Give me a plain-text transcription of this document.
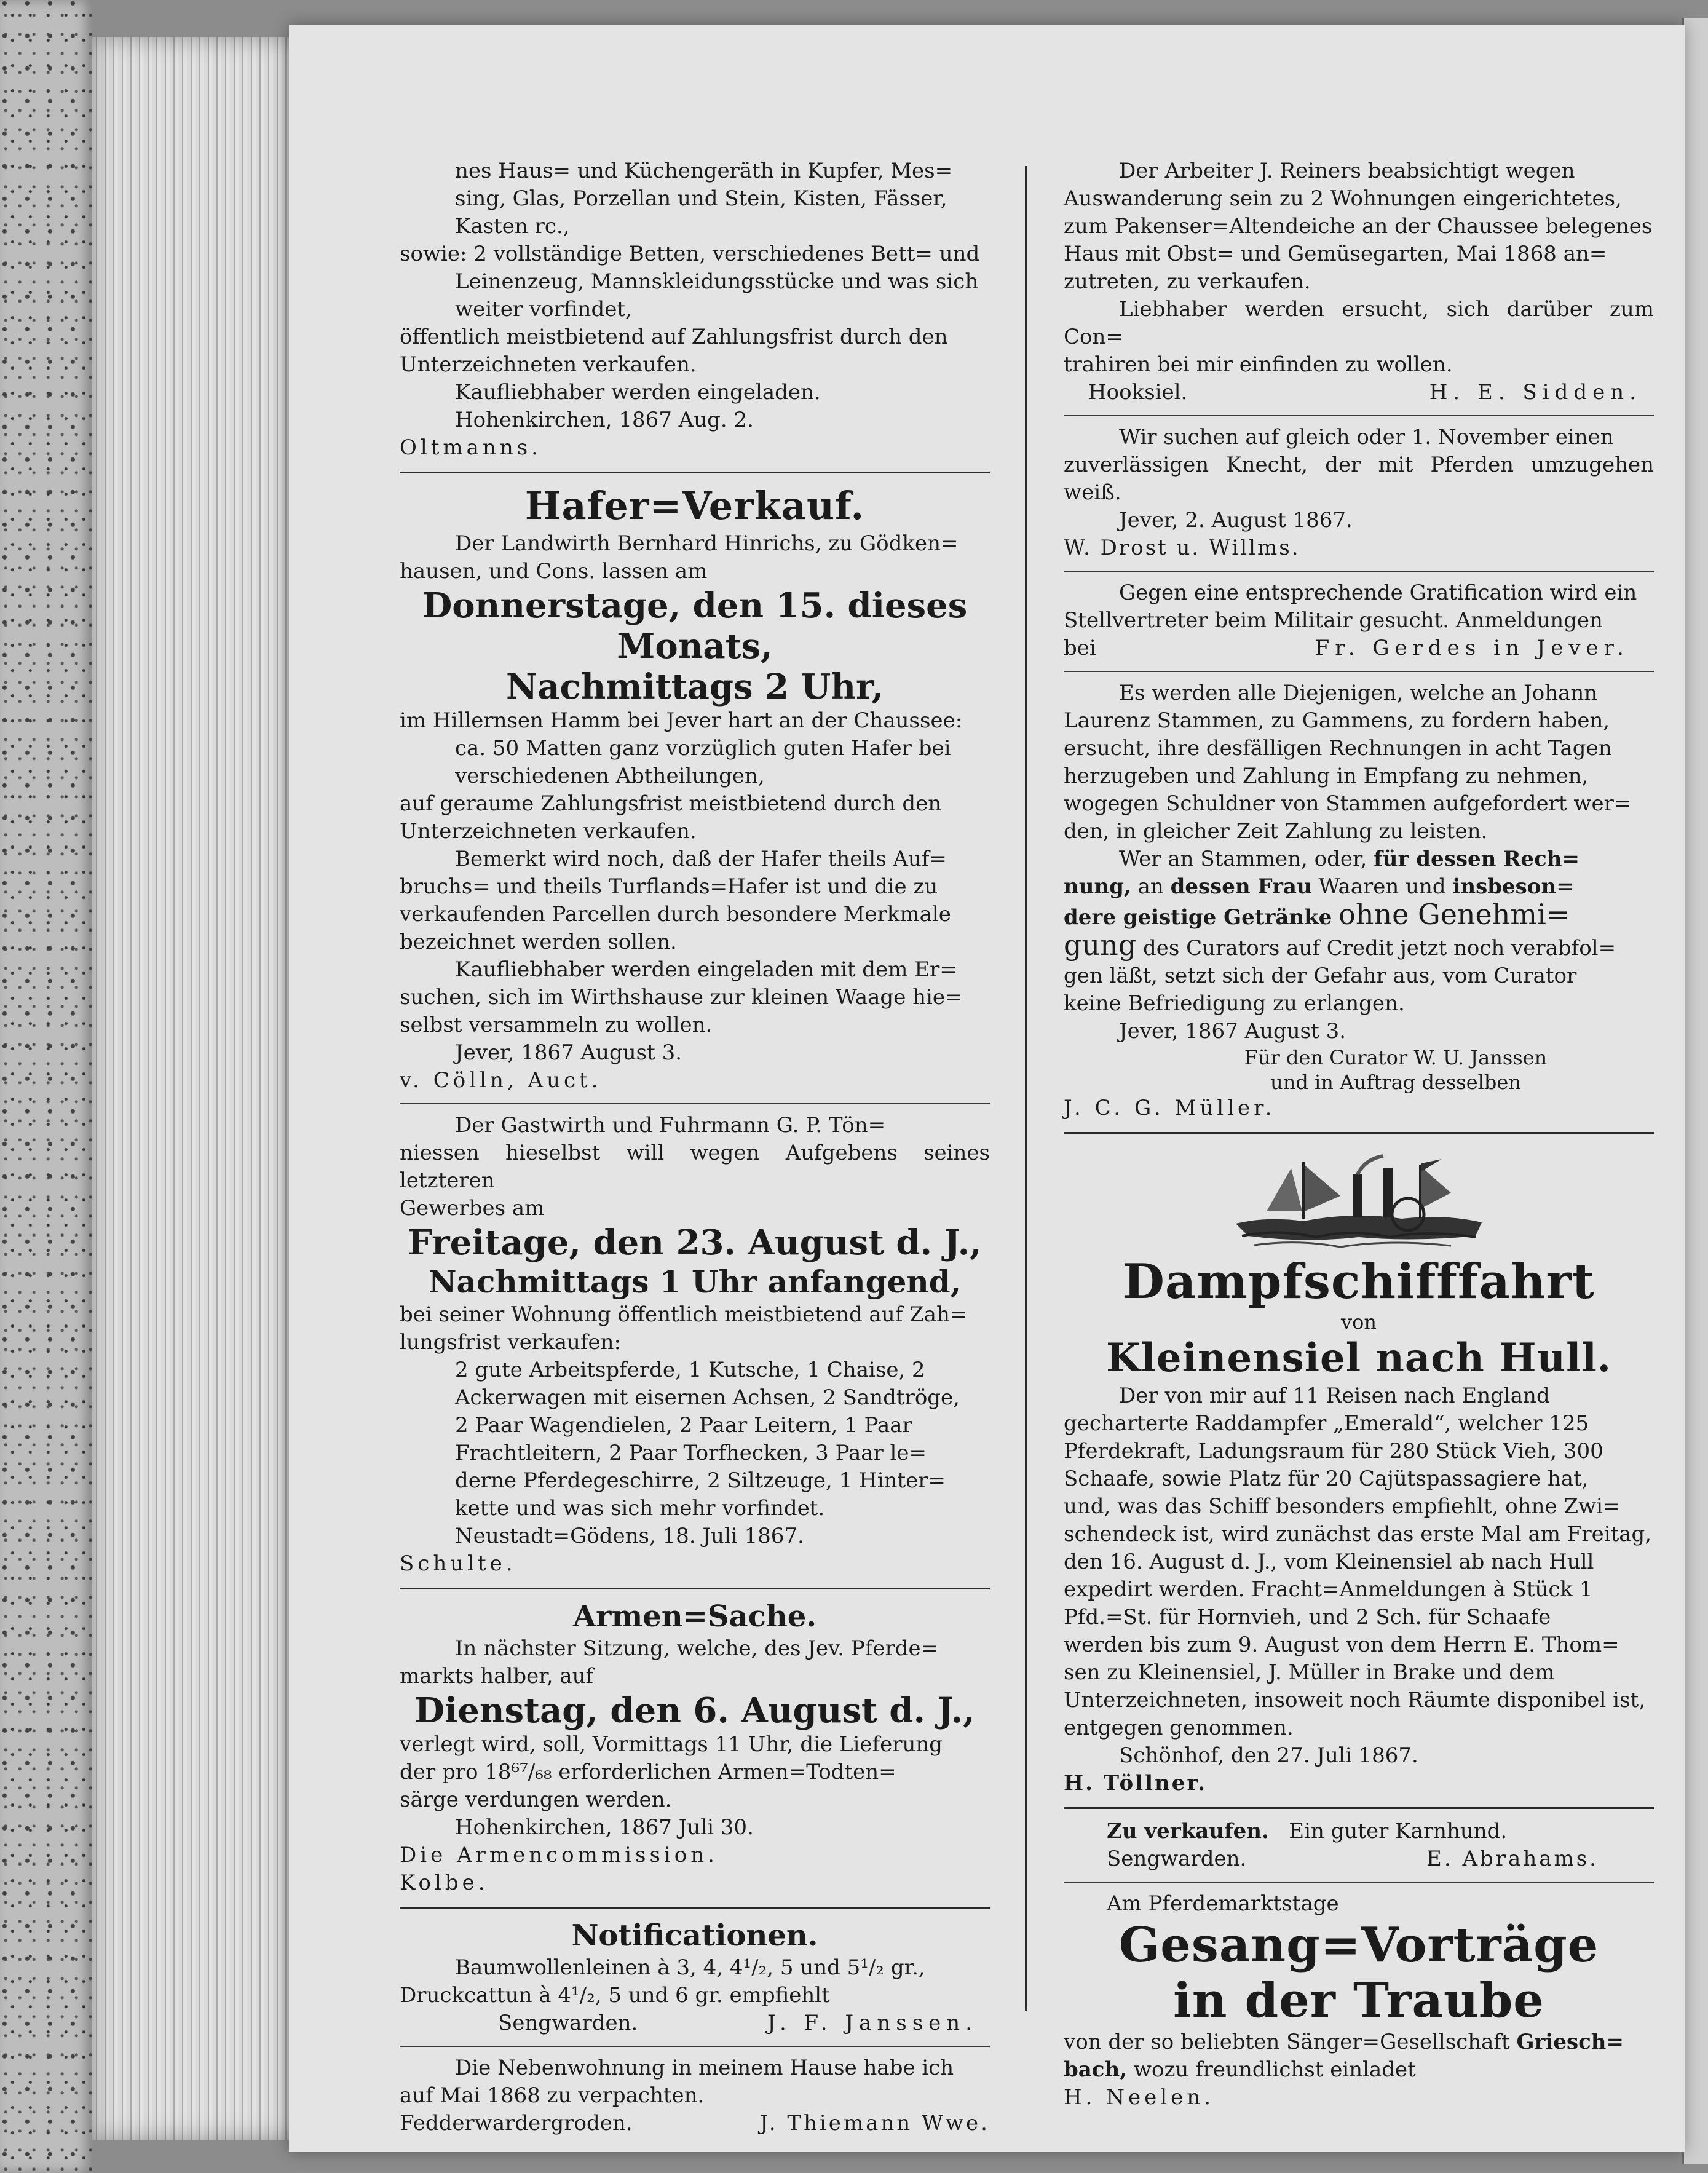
nes Haus= und Küchengeräth in Kupfer, Mes=

sing, Glas, Porzellan und Stein, Kisten, Fässer,

Kasten rc.,

sowie: 2 vollständige Betten, verschiedenes Bett= und

Leinenzeug, Mannskleidungsstücke und was sich

weiter vorfindet,

öffentlich meistbietend auf Zahlungsfrist durch den

Unterzeichneten verkaufen.

Kaufliebhaber werden eingeladen.

Hohenkirchen, 1867 Aug. 2.

Oltmanns.

Hafer=Verkauf.

Der Landwirth Bernhard Hinrichs, zu Gödken=

hausen, und Cons. lassen am

Donnerstage, den 15. dieses Monats,
Nachmittags 2 Uhr,

im Hillernsen Hamm bei Jever hart an der Chaussee:

ca. 50 Matten ganz vorzüglich guten Hafer bei

verschiedenen Abtheilungen,

auf geraume Zahlungsfrist meistbietend durch den

Unterzeichneten verkaufen.

Bemerkt wird noch, daß der Hafer theils Auf=

bruchs= und theils Turflands=Hafer ist und die zu

verkaufenden Parcellen durch besondere Merkmale

bezeichnet werden sollen.

Kaufliebhaber werden eingeladen mit dem Er=

suchen, sich im Wirthshause zur kleinen Waage hie=

selbst versammeln zu wollen.

Jever, 1867 August 3.

v. Cölln, Auct.

Der Gastwirth und Fuhrmann G. P. Tön=

niessen hieselbst will wegen Aufgebens seines letzteren

Gewerbes am

Freitage, den 23. August d. J.,
Nachmittags 1 Uhr anfangend,

bei seiner Wohnung öffentlich meistbietend auf Zah=

lungsfrist verkaufen:

2 gute Arbeitspferde, 1 Kutsche, 1 Chaise, 2

Ackerwagen mit eisernen Achsen, 2 Sandtröge,

2 Paar Wagendielen, 2 Paar Leitern, 1 Paar

Frachtleitern, 2 Paar Torfhecken, 3 Paar le=

derne Pferdegeschirre, 2 Siltzeuge, 1 Hinter=

kette und was sich mehr vorfindet.

Neustadt=Gödens, 18. Juli 1867.

Schulte.

Armen=Sache.

In nächster Sitzung, welche, des Jev. Pferde=

markts halber, auf

Dienstag, den 6. August d. J.,

verlegt wird, soll, Vormittags 11 Uhr, die Lieferung

der pro 18⁶⁷/₆₈ erforderlichen Armen=Todten=

särge verdungen werden.

Hohenkirchen, 1867 Juli 30.

Die Armencommission.

Kolbe.

Notificationen.

Baumwollenleinen à 3, 4, 4¹/₂, 5 und 5¹/₂ gr.,

Druckcattun à 4¹/₂, 5 und 6 gr. empfiehlt

Sengwarden.	J. F. Janssen.

Die Nebenwohnung in meinem Hause habe ich

auf Mai 1868 zu verpachten.

Fedderwardergroden.	J. Thiemann Wwe.

Der Arbeiter J. Reiners beabsichtigt wegen

Auswanderung sein zu 2 Wohnungen eingerichtetes,

zum Pakenser=Altendeiche an der Chaussee belegenes

Haus mit Obst= und Gemüsegarten, Mai 1868 an=

zutreten, zu verkaufen.

Liebhaber werden ersucht, sich darüber zum Con=

trahiren bei mir einfinden zu wollen.

Hooksiel.	H. E. Sidden.

Wir suchen auf gleich oder 1. November einen

zuverlässigen Knecht, der mit Pferden umzugehen weiß.

Jever, 2. August 1867.

W. Drost u. Willms.

Gegen eine entsprechende Gratification wird ein

Stellvertreter beim Militair gesucht. Anmeldungen

bei	Fr. Gerdes in Jever.

Es werden alle Diejenigen, welche an Johann

Laurenz Stammen, zu Gammens, zu fordern haben,

ersucht, ihre desfälligen Rechnungen in acht Tagen

herzugeben und Zahlung in Empfang zu nehmen,

wogegen Schuldner von Stammen aufgefordert wer=

den, in gleicher Zeit Zahlung zu leisten.

Wer an Stammen, oder, für dessen Rech=

nung, an dessen Frau Waaren und insbeson=

dere geistige Getränke ohne Genehmi=

gung des Curators auf Credit jetzt noch verabfol=

gen läßt, setzt sich der Gefahr aus, vom Curator

keine Befriedigung zu erlangen.

Jever, 1867 August 3.

Für den Curator W. U. Janssen

und in Auftrag desselben

J. C. G. Müller.

Dampfschifffahrt
von
Kleinensiel nach Hull.

Der von mir auf 11 Reisen nach England

gecharterte Raddampfer „Emerald“, welcher 125

Pferdekraft, Ladungsraum für 280 Stück Vieh, 300

Schaafe, sowie Platz für 20 Cajütspassagiere hat,

und, was das Schiff besonders empfiehlt, ohne Zwi=

schendeck ist, wird zunächst das erste Mal am Freitag,

den 16. August d. J., vom Kleinensiel ab nach Hull

expedirt werden. Fracht=Anmeldungen à Stück 1

Pfd.=St. für Hornvieh, und 2 Sch. für Schaafe

werden bis zum 9. August von dem Herrn E. Thom=

sen zu Kleinensiel, J. Müller in Brake und dem

Unterzeichneten, insoweit noch Räumte disponibel ist,

entgegen genommen.

Schönhof, den 27. Juli 1867.

H. Töllner.

Zu verkaufen. Ein guter Karnhund.

Sengwarden.	E. Abrahams.

Am Pferdemarktstage

Gesang=Vorträge
in der Traube

von der so beliebten Sänger=Gesellschaft Griesch=

bach, wozu freundlichst einladet

H. Neelen.
